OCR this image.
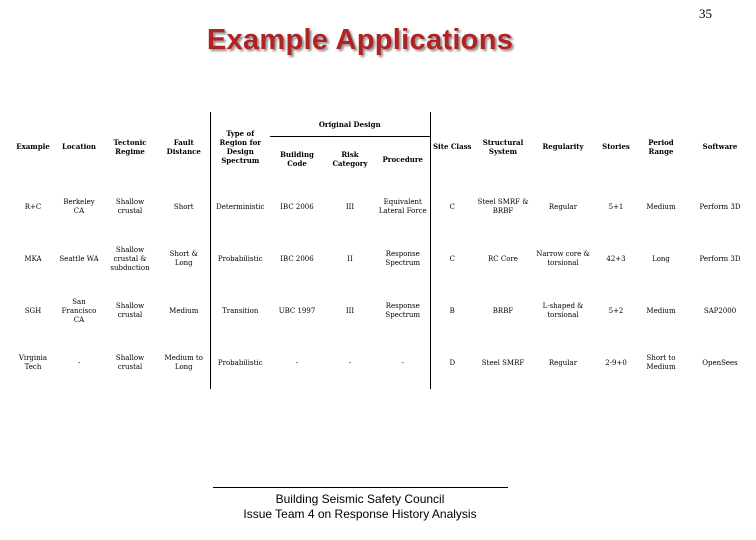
35
Example Applications
Example	Location	Tectonic Regime	Fault Distance	Type of Region for Design Spectrum	Original Design			Site Class	Structural System	Regularity	Stories	Period Range	Software
					Building Code	Risk Category	Procedure						
R+C	Berkeley CA	Shallow crustal	Short	Deterministic	IBC 2006	III	Equivalent Lateral Force	C	Steel SMRF & BRBF	Regular	5+1	Medium	Perform 3D
MKA	Seattle WA	Shallow crustal & subduction	Short & Long	Probabilistic	IBC 2006	II	Response Spectrum	C	RC Core	Narrow core & torsional	42+3	Long	Perform 3D
SGH	San Francisco CA	Shallow crustal	Medium	Transition	UBC 1997	III	Response Spectrum	B	BRBF	L-shaped & torsional	5+2	Medium	SAP2000
Virginia Tech	-	Shallow crustal	Medium to Long	Probabilistic	-	-	-	D	Steel SMRF	Regular	2-9+0	Short to Medium	OpenSees
Building Seismic Safety Council
Issue Team 4 on Response History Analysis
